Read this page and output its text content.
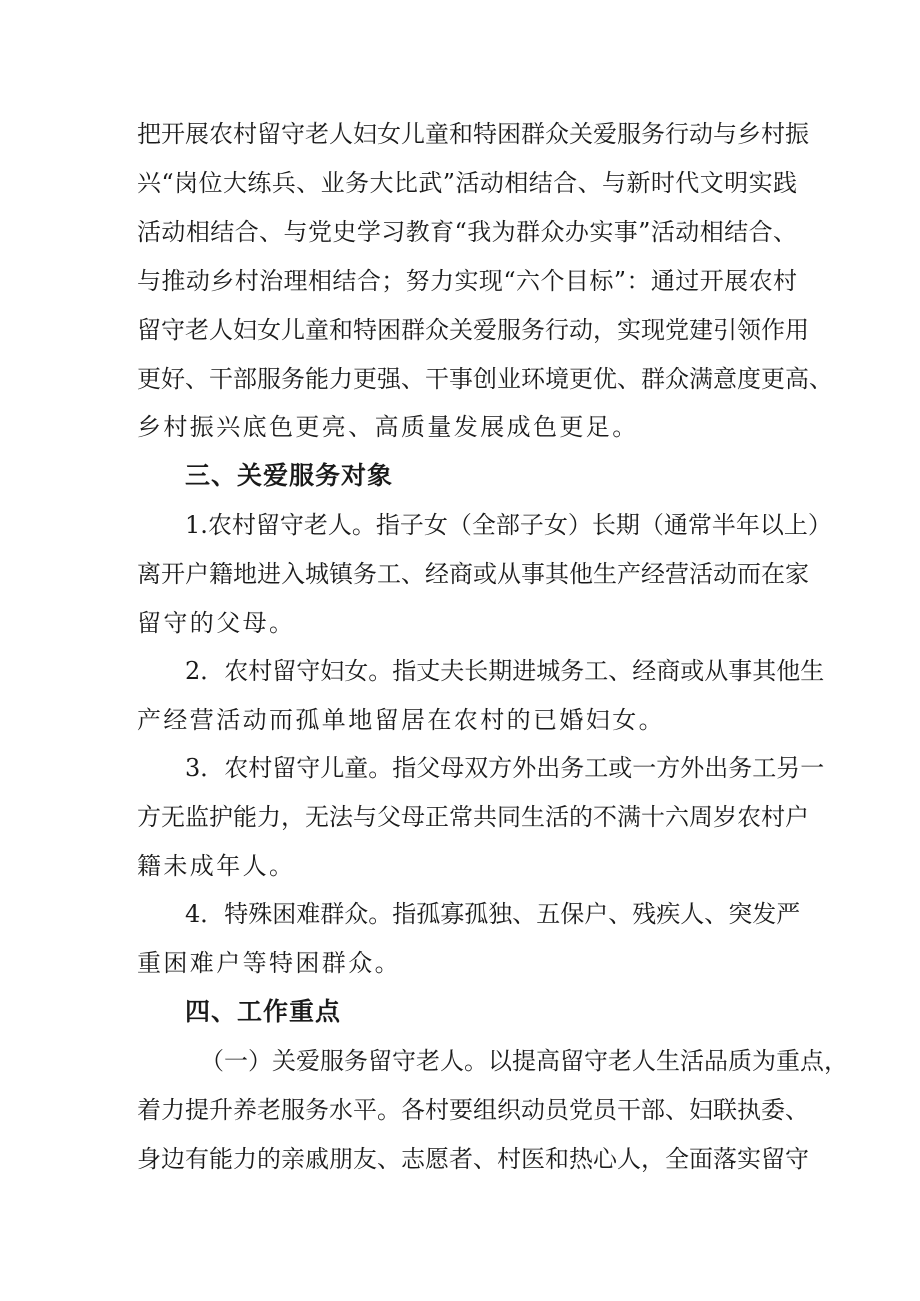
把开展农村留守老人妇女儿童和特困群众关爱服务行动与乡村振
兴“岗位大练兵、业务大比武”活动相结合、与新时代文明实践
活动相结合、与党史学习教育“我为群众办实事”活动相结合、
与推动乡村治理相结合；努力实现“六个目标”：通过开展农村
留守老人妇女儿童和特困群众关爱服务行动，实现党建引领作用
更好、干部服务能力更强、干事创业环境更优、群众满意度更高、
乡村振兴底色更亮、高质量发展成色更足。
三、关爱服务对象
1.农村留守老人。指子女（全部子女）长期（通常半年以上）
离开户籍地进入城镇务工、经商或从事其他生产经营活动而在家
留守的父母。
2．农村留守妇女。指丈夫长期进城务工、经商或从事其他生
产经营活动而孤单地留居在农村的已婚妇女。
3．农村留守儿童。指父母双方外出务工或一方外出务工另一
方无监护能力，无法与父母正常共同生活的不满十六周岁农村户
籍未成年人。
4．特殊困难群众。指孤寡孤独、五保户、残疾人、突发严
重困难户等特困群众。
四、工作重点
（一）关爱服务留守老人。以提高留守老人生活品质为重点，
着力提升养老服务水平。各村要组织动员党员干部、妇联执委、
身边有能力的亲戚朋友、志愿者、村医和热心人，全面落实留守
